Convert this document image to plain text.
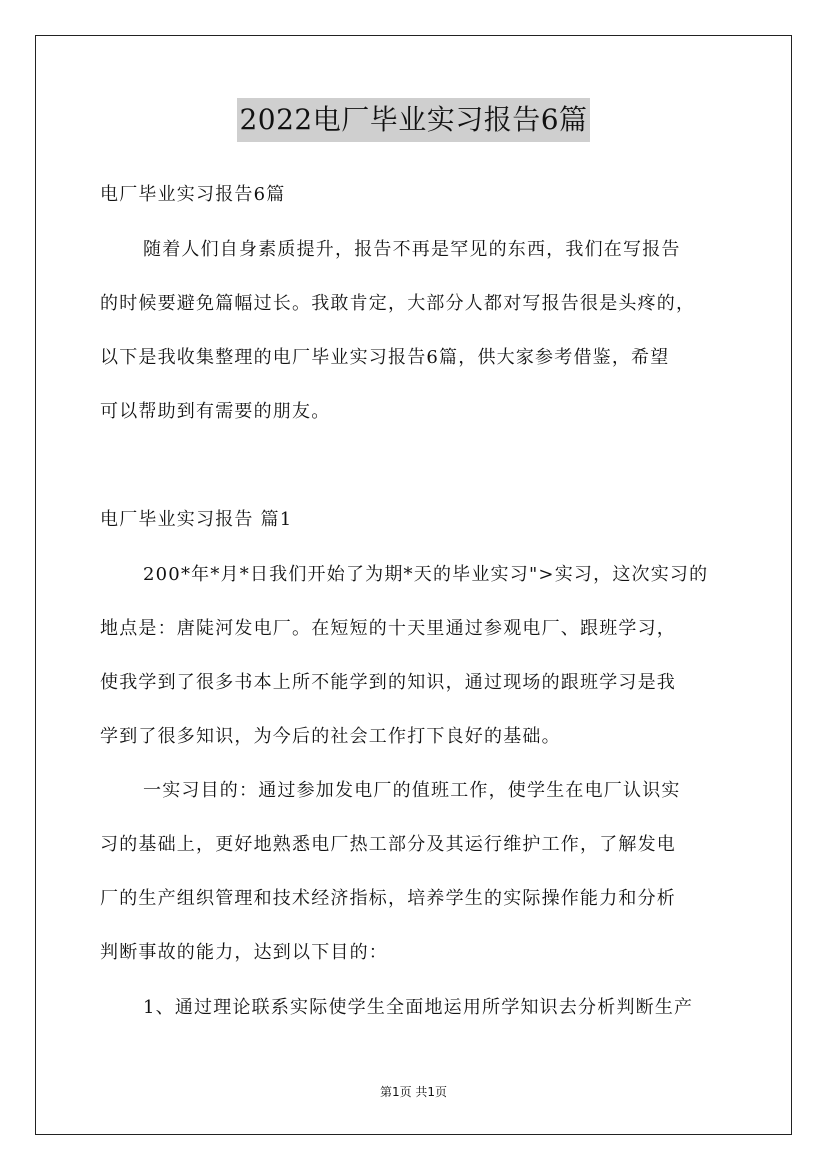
2022电厂毕业实习报告6篇
电厂毕业实习报告6篇
随着人们自身素质提升，报告不再是罕见的东西，我们在写报告
的时候要避免篇幅过长。我敢肯定，大部分人都对写报告很是头疼的，
以下是我收集整理的电厂毕业实习报告6篇，供大家参考借鉴，希望
可以帮助到有需要的朋友。
电厂毕业实习报告 篇1
200*年*月*日我们开始了为期*天的毕业实习">实习，这次实习的
地点是：唐陡河发电厂。在短短的十天里通过参观电厂、跟班学习，
使我学到了很多书本上所不能学到的知识，通过现场的跟班学习是我
学到了很多知识，为今后的社会工作打下良好的基础。
一实习目的：通过参加发电厂的值班工作，使学生在电厂认识实
习的基础上，更好地熟悉电厂热工部分及其运行维护工作，了解发电
厂的生产组织管理和技术经济指标，培养学生的实际操作能力和分析
判断事故的能力，达到以下目的：
1、通过理论联系实际使学生全面地运用所学知识去分析判断生产
第1页 共1页
